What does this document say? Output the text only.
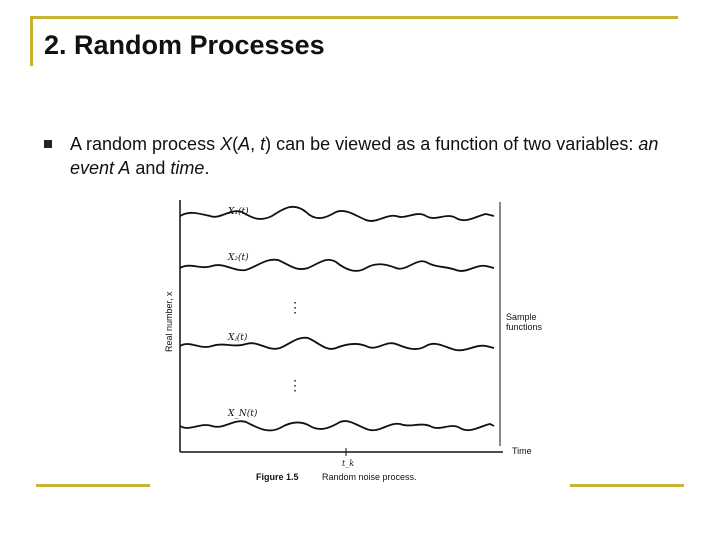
2. Random Processes
A random process X(A, t) can be viewed as a function of two variables: an event A and time.
X₁(t)
X₂(t)
Xⱼ(t)
X_N(t)
⋮
⋮
Real number, x	Sample
functions
Time
t_k
Figure 1.5	Random noise process.
